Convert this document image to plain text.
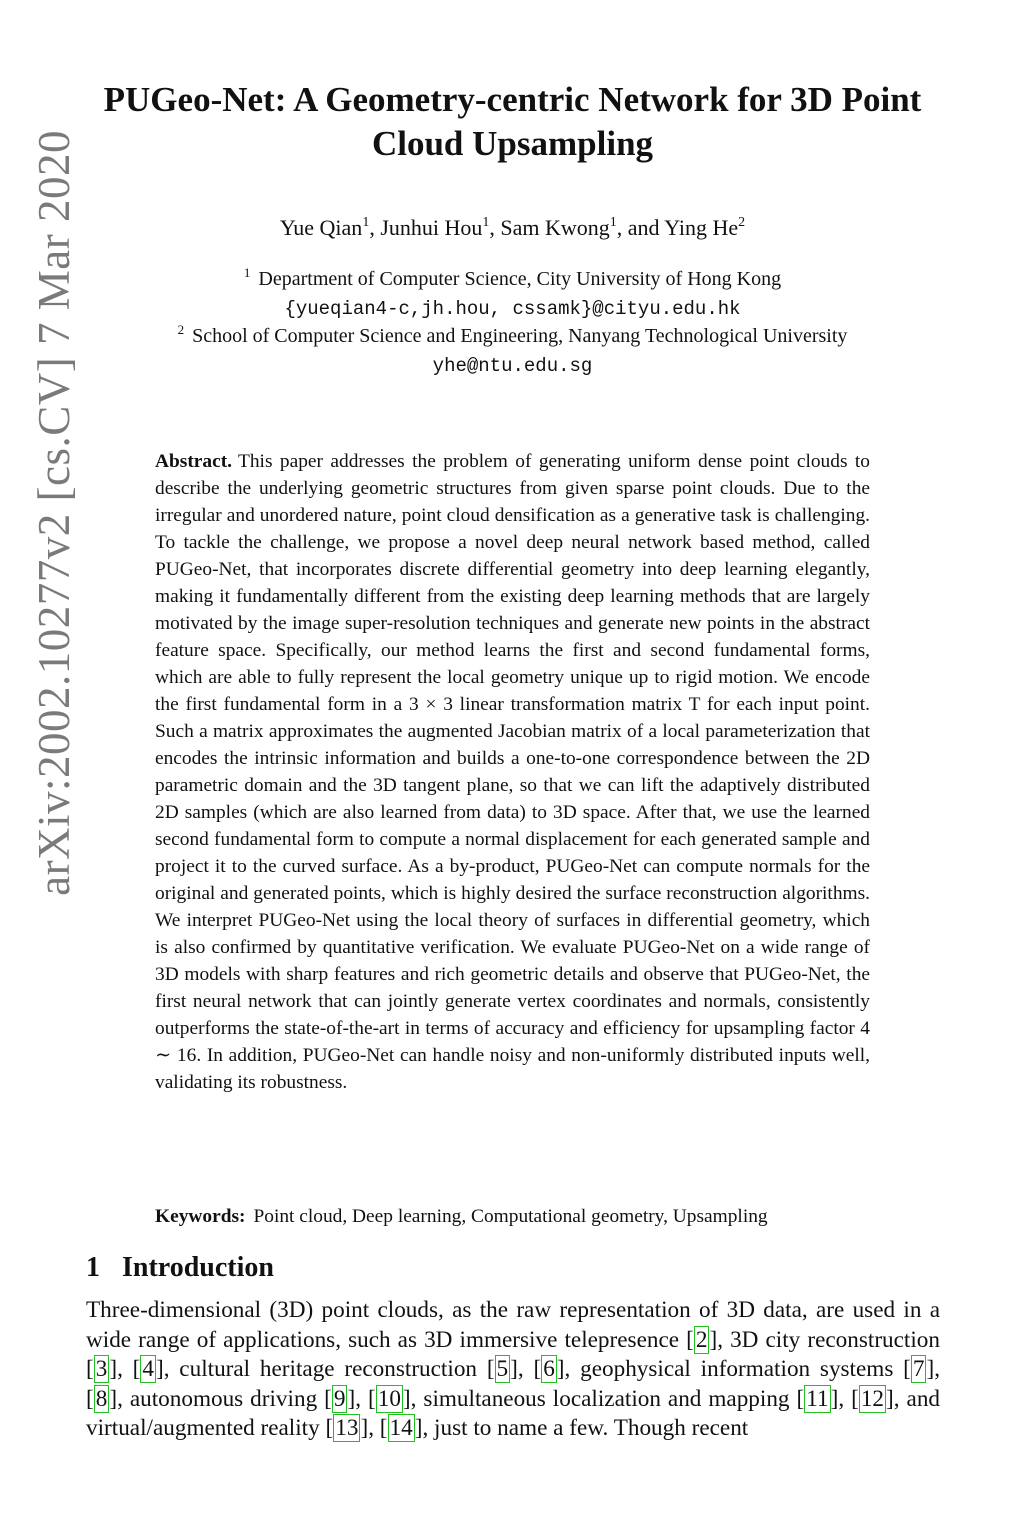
arXiv:2002.10277v2 [cs.CV] 7 Mar 2020
PUGeo-Net: A Geometry-centric Network for 3D Point Cloud Upsampling
Yue Qian$^1$, Junhui Hou$^1$, Sam Kwong$^1$, and Ying He$^2$
$^1$ Department of Computer Science, City University of Hong Kong
{yueqian4-c,jh.hou, cssamk}@cityu.edu.hk
$^2$ School of Computer Science and Engineering, Nanyang Technological University
yhe@ntu.edu.sg

Abstract. This paper addresses the problem of generating uniform dense point clouds to describe the underlying geometric structures from given sparse point clouds. Due to the irregular and unordered nature, point cloud densification as a generative task is challenging. To tackle the challenge, we propose a novel deep neural network based method, called PUGeo-Net, that incorporates discrete differential geometry into deep learning elegantly, making it fundamentally different from the existing deep learning methods that are largely motivated by the image super-resolution techniques and generate new points in the abstract feature space. Specifically, our method learns the first and second fundamental forms, which are able to fully represent the local geometry unique up to rigid motion. We encode the first fundamental form in a 3 × 3 linear transformation matrix T for each input point. Such a matrix approximates the augmented Jacobian matrix of a local parameterization that encodes the intrinsic information and builds a one-to-one correspondence between the 2D parametric domain and the 3D tangent plane, so that we can lift the adaptively distributed 2D samples (which are also learned from data) to 3D space. After that, we use the learned second fundamental form to compute a normal displacement for each generated sample and project it to the curved surface. As a by-product, PUGeo-Net can compute normals for the original and generated points, which is highly desired the surface reconstruction algorithms. We interpret PUGeo-Net using the local theory of surfaces in differential geometry, which is also confirmed by quantitative verification. We evaluate PUGeo-Net on a wide range of 3D models with sharp features and rich geometric details and observe that PUGeo-Net, the first neural network that can jointly generate vertex coordinates and normals, consistently outperforms the state-of-the-art in terms of accuracy and efficiency for upsampling factor 4 ∼ 16. In addition, PUGeo-Net can handle noisy and non-uniformly distributed inputs well, validating its robustness.

Keywords: Point cloud, Deep learning, Computational geometry, Upsampling
1 Introduction

Three-dimensional (3D) point clouds, as the raw representation of 3D data, are used in a wide range of applications, such as 3D immersive telepresence [2], 3D city reconstruction [3], [4], cultural heritage reconstruction [5], [6], geophysical information systems [7], [8], autonomous driving [9], [10], simultaneous localization and mapping [11], [12], and virtual/augmented reality [13], [14], just to name a few. Though recent
